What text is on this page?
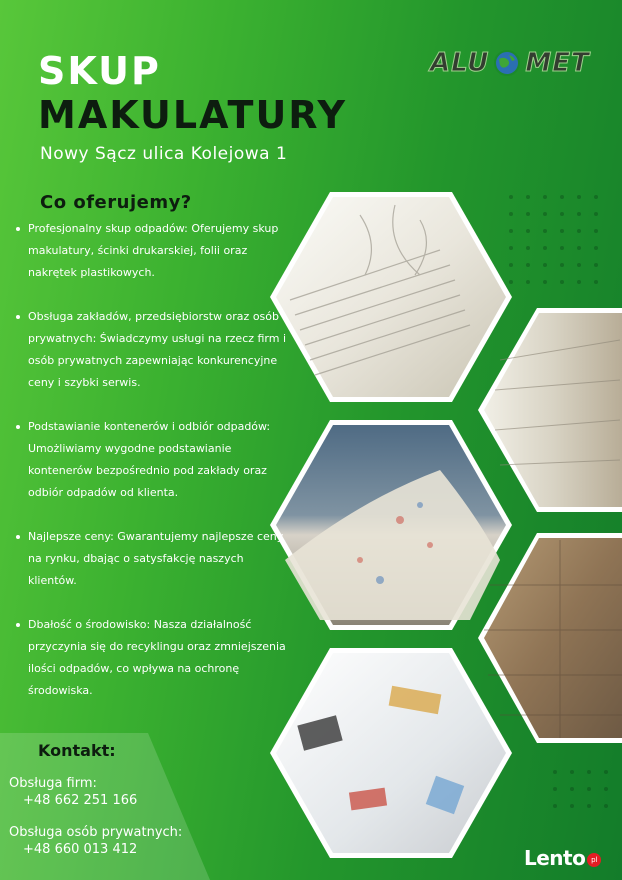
SKUP
MAKULATURY
Nowy Sącz ulica Kolejowa 1
ALU MET
Co oferujemy?
Profesjonalny skup odpadów: Oferujemy skup makulatury, ścinki drukarskiej, folii oraz nakrętek plastikowych.
Obsługa zakładów, przedsiębiorstw oraz osób prywatnych: Świadczymy usługi na rzecz firm i osób prywatnych zapewniając konkurencyjne ceny i szybki serwis.
Podstawianie kontenerów i odbiór odpadów: Umożliwiamy wygodne podstawianie kontenerów bezpośrednio pod zakłady oraz odbiór odpadów od klienta.
Najlepsze ceny: Gwarantujemy najlepsze ceny na rynku, dbając o satysfakcję naszych klientów.
Dbałość o środowisko: Nasza działalność przyczynia się do recyklingu oraz zmniejszenia ilości odpadów, co wpływa na ochronę środowiska.
Kontakt:
Obsługa firm:
+48 662 251 166
Obsługa osób prywatnych:
+48 660 013 412	Lento pl
